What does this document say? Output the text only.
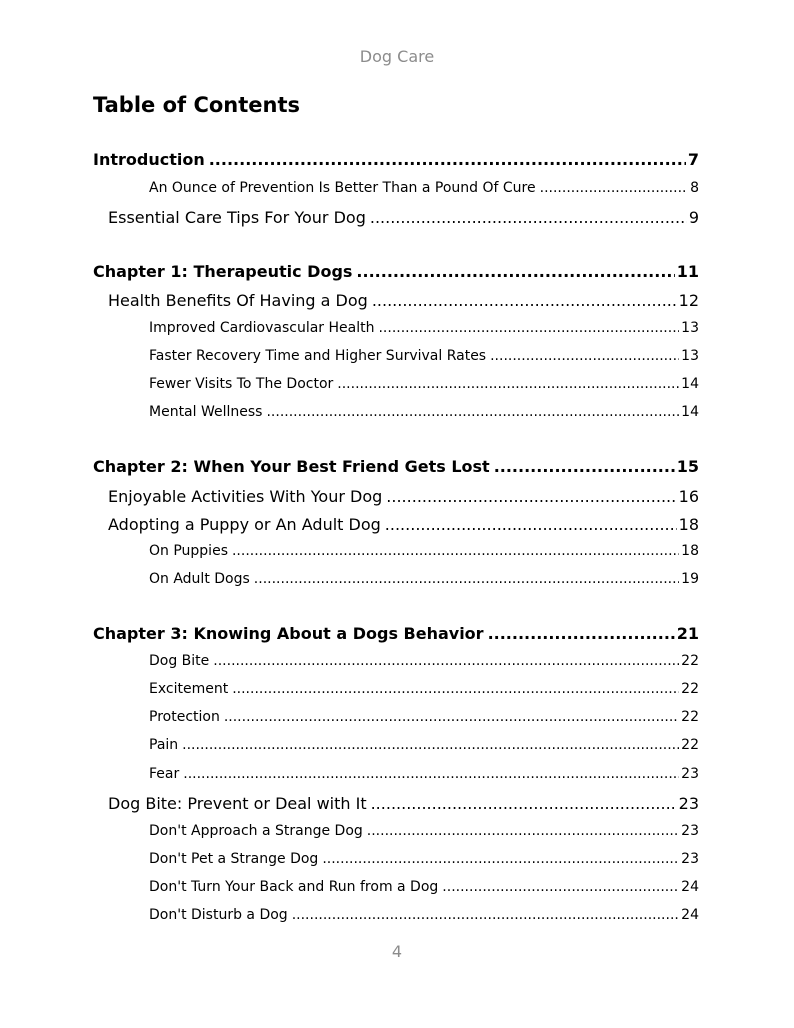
Dog Care
Table of Contents
Introduction .....	7
An Ounce of Prevention Is Better Than a Pound Of Cure .....	8
Essential Care Tips For Your Dog .....	9
Chapter 1: Therapeutic Dogs .....	11
Health Benefits Of Having a Dog .....	12
Improved Cardiovascular Health .....	13
Faster Recovery Time and Higher Survival Rates .....	13
Fewer Visits To The Doctor .....	14
Mental Wellness .....	14
Chapter 2: When Your Best Friend Gets Lost .....	15
Enjoyable Activities With Your Dog .....	16
Adopting a Puppy or An Adult Dog .....	18
On Puppies .....	18
On Adult Dogs .....	19
Chapter 3: Knowing About a Dogs Behavior .....	21
Dog Bite .....	22
Excitement .....	22
Protection .....	22
Pain .....	22
Fear .....	23
Dog Bite: Prevent or Deal with It .....	23
Don't Approach a Strange Dog .....	23
Don't Pet a Strange Dog .....	23
Don't Turn Your Back and Run from a Dog .....	24
Don't Disturb a Dog .....	24
4
